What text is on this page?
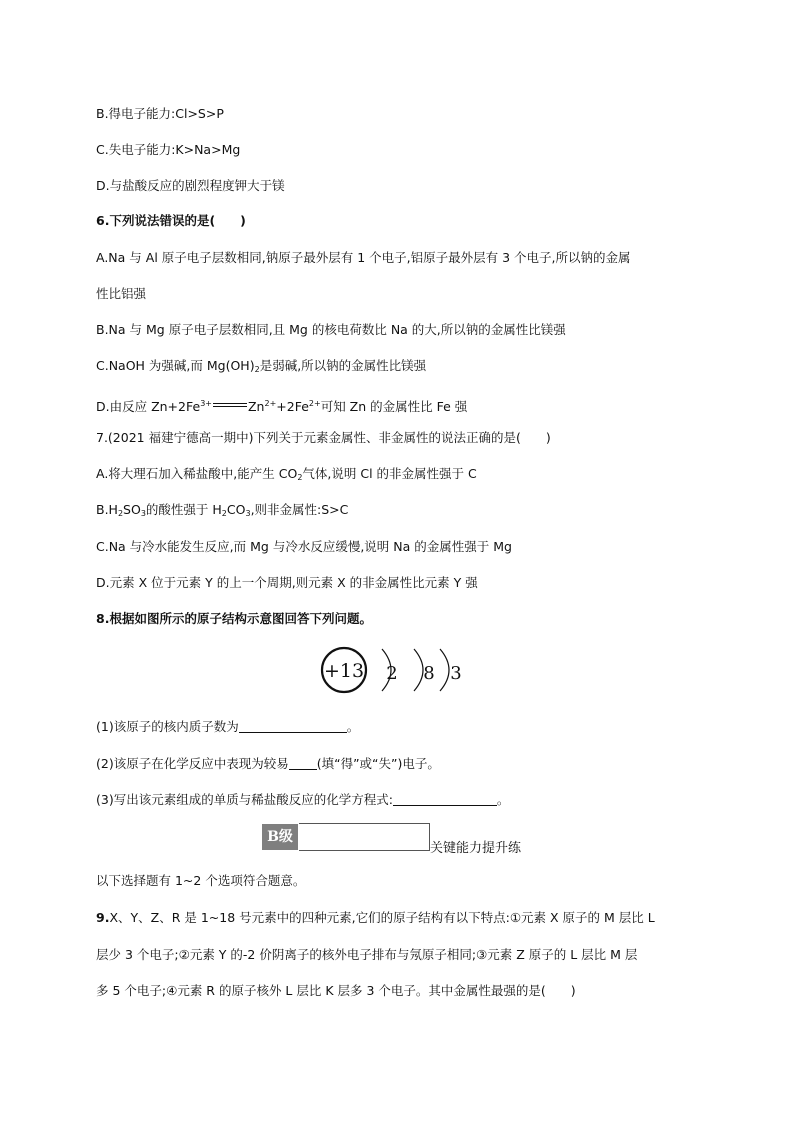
B.得电子能力:Cl>S>P
C.失电子能力:K>Na>Mg
D.与盐酸反应的剧烈程度钾大于镁
6.下列说法错误的是(　　)
A.Na 与 Al 原子电子层数相同,钠原子最外层有 1 个电子,铝原子最外层有 3 个电子,所以钠的金属
性比铝强
B.Na 与 Mg 原子电子层数相同,且 Mg 的核电荷数比 Na 的大,所以钠的金属性比镁强
C.NaOH 为强碱,而 $Mg(OH)_2$是弱碱,所以钠的金属性比镁强
D.由反应 $Zn+2Fe^{3+}$	$Zn^{2+}+2Fe^{2+}$可知 Zn 的金属性比 Fe 强
7.(2021 福建宁德高一期中)下列关于元素金属性、非金属性的说法正确的是(　　)
A.将大理石加入稀盐酸中,能产生 $CO_2$气体,说明 Cl 的非金属性强于 C
$B.H_2SO_3$的酸性强于 $H_2CO_3$,则非金属性:S>C
C.Na 与冷水能发生反应,而 Mg 与冷水反应缓慢,说明 Na 的金属性强于 Mg
D.元素 X 位于元素 Y 的上一个周期,则元素 X 的非金属性比元素 Y 强
8.根据如图所示的原子结构示意图回答下列问题。
+13 2 8 3
(1)该原子的核内质子数为	。
(2)该原子在化学反应中表现为较易 (填“得”或“失”)电子。
(3)写出该元素组成的单质与稀盐酸反应的化学方程式:	。
B级
关键能力提升练
以下选择题有 1~2 个选项符合题意。
9.X、Y、Z、R 是 1~18 号元素中的四种元素,它们的原子结构有以下特点:①元素 X 原子的 M 层比 L
层少 3 个电子;②元素 Y 的-2 价阴离子的核外电子排布与氖原子相同;③元素 Z 原子的 L 层比 M 层
多 5 个电子;④元素 R 的原子核外 L 层比 K 层多 3 个电子。其中金属性最强的是(　　)
